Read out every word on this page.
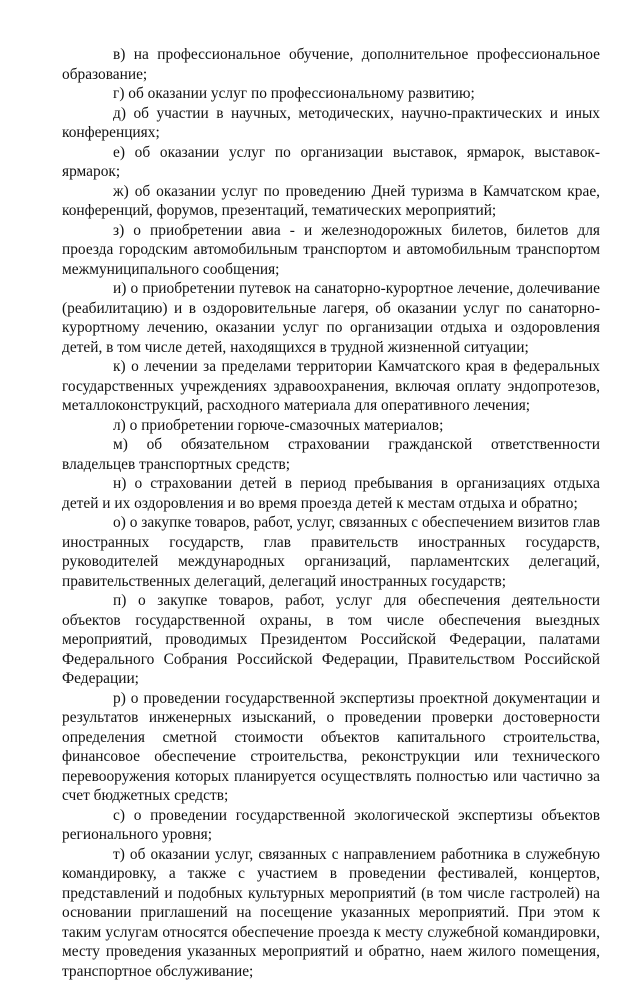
в) на профессиональное обучение, дополнительное профессиональное образование;

г) об оказании услуг по профессиональному развитию;

д) об участии в научных, методических, научно-практических и иных конференциях;

е) об оказании услуг по организации выставок, ярмарок, выставок-ярмарок;

ж) об оказании услуг по проведению Дней туризма в Камчатском крае, конференций, форумов, презентаций, тематических мероприятий;

з) о приобретении авиа - и железнодорожных билетов, билетов для проезда городским автомобильным транспортом и автомобильным транспортом межмуниципального сообщения;

и) о приобретении путевок на санаторно-курортное лечение, долечивание (реабилитацию) и в оздоровительные лагеря, об оказании услуг по санаторно-курортному лечению, оказании услуг по организации отдыха и оздоровления детей, в том числе детей, находящихся в трудной жизненной ситуации;

к) о лечении за пределами территории Камчатского края в федеральных государственных учреждениях здравоохранения, включая оплату эндопротезов, металлоконструкций, расходного материала для оперативного лечения;

л) о приобретении горюче-смазочных материалов;

м) об обязательном страховании гражданской ответственности владельцев транспортных средств;

н) о страховании детей в период пребывания в организациях отдыха детей и их оздоровления и во время проезда детей к местам отдыха и обратно;

о) о закупке товаров, работ, услуг, связанных с обеспечением визитов глав иностранных государств, глав правительств иностранных государств, руководителей международных организаций, парламентских делегаций, правительственных делегаций, делегаций иностранных государств;

п) о закупке товаров, работ, услуг для обеспечения деятельности объектов государственной охраны, в том числе обеспечения выездных мероприятий, проводимых Президентом Российской Федерации, палатами Федерального Собрания Российской Федерации, Правительством Российской Федерации;

р) о проведении государственной экспертизы проектной документации и результатов инженерных изысканий, о проведении проверки достоверности определения сметной стоимости объектов капитального строительства, финансовое обеспечение строительства, реконструкции или технического перевооружения которых планируется осуществлять полностью или частично за счет бюджетных средств;

с) о проведении государственной экологической экспертизы объектов регионального уровня;

т) об оказании услуг, связанных с направлением работника в служебную командировку, а также с участием в проведении фестивалей, концертов, представлений и подобных культурных мероприятий (в том числе гастролей) на основании приглашений на посещение указанных мероприятий. При этом к таким услугам относятся обеспечение проезда к месту служебной командировки, месту проведения указанных мероприятий и обратно, наем жилого помещения, транспортное обслуживание;
